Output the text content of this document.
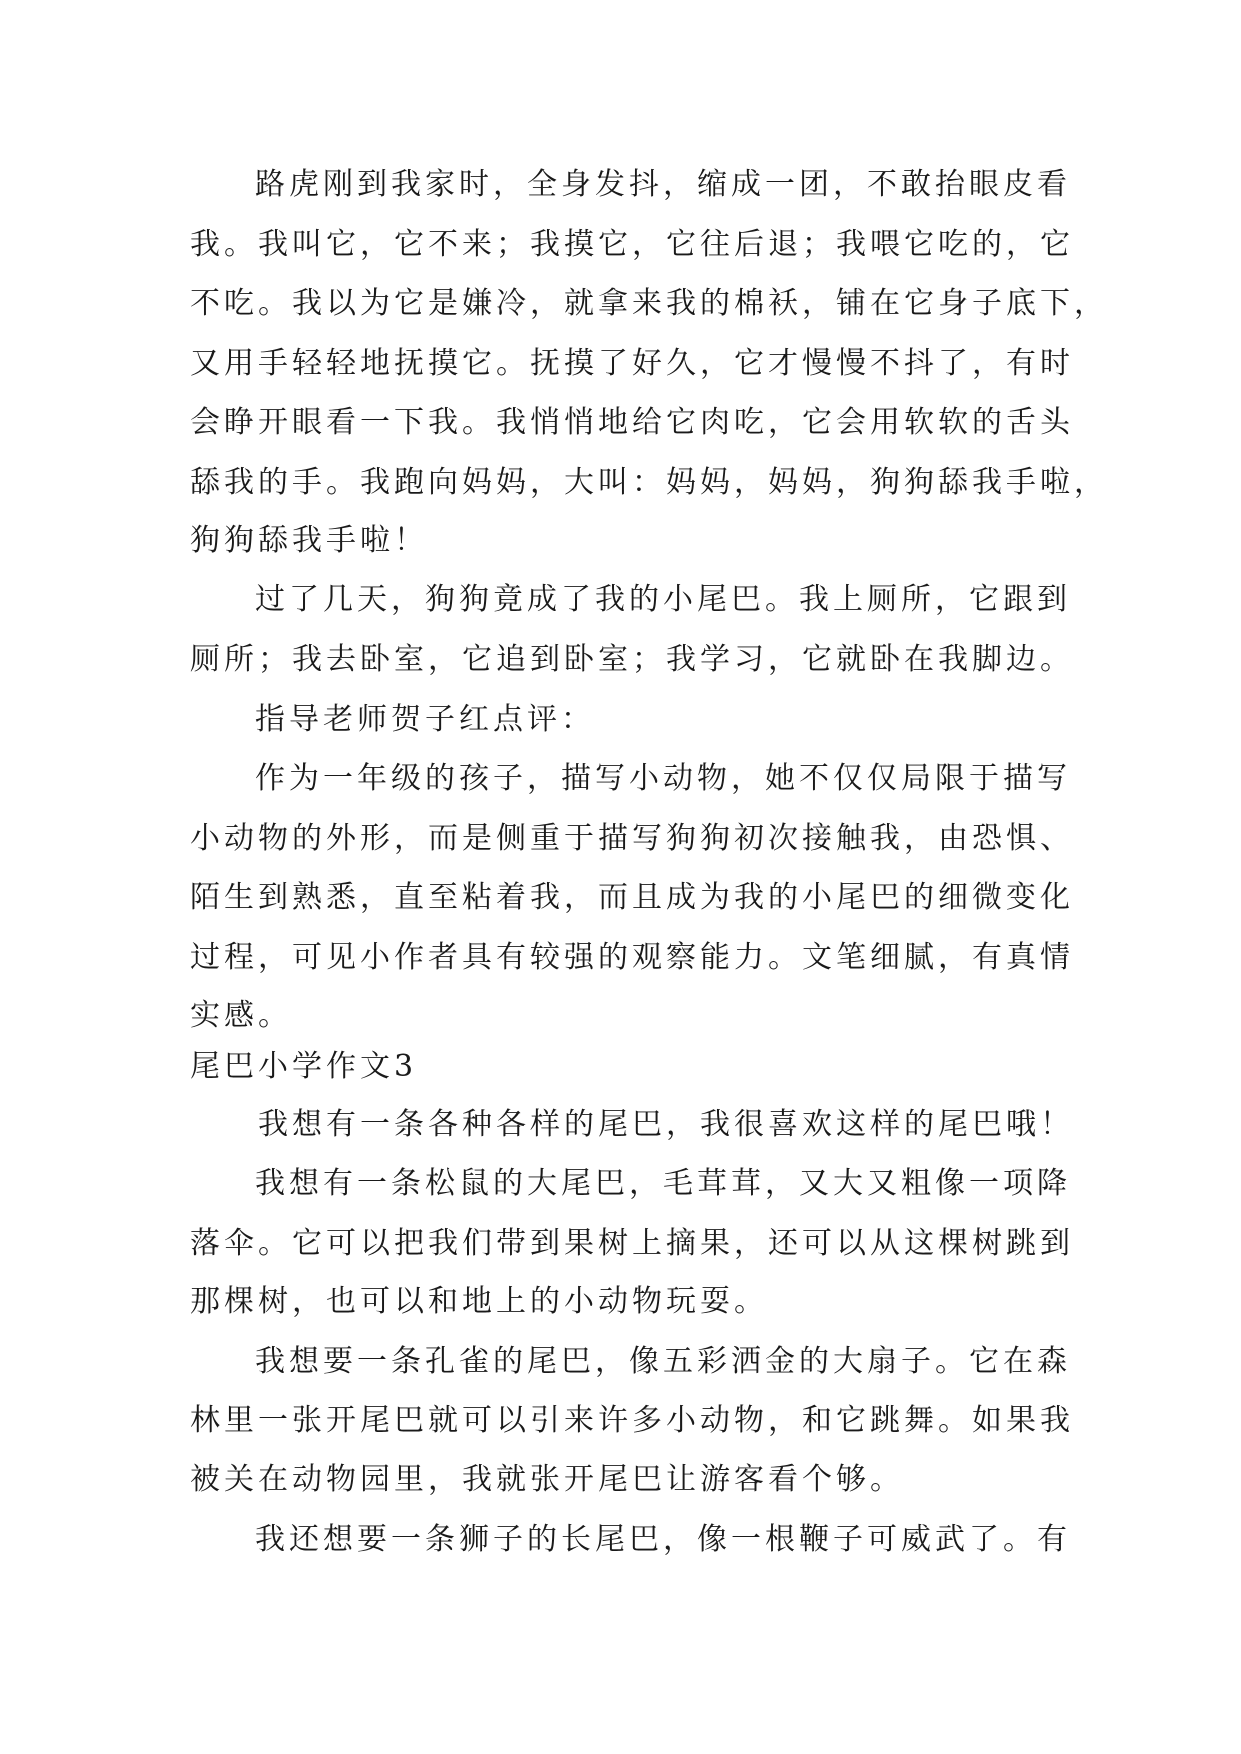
路虎刚到我家时，全身发抖，缩成一团，不敢抬眼皮看

我。我叫它，它不来；我摸它，它往后退；我喂它吃的，它

不吃。我以为它是嫌冷，就拿来我的棉袄，铺在它身子底下，

又用手轻轻地抚摸它。抚摸了好久，它才慢慢不抖了，有时

会睁开眼看一下我。我悄悄地给它肉吃，它会用软软的舌头

舔我的手。我跑向妈妈，大叫：妈妈，妈妈，狗狗舔我手啦，

狗狗舔我手啦！

过了几天，狗狗竟成了我的小尾巴。我上厕所，它跟到

厕所；我去卧室，它追到卧室；我学习，它就卧在我脚边。

指导老师贺子红点评：

作为一年级的孩子，描写小动物，她不仅仅局限于描写

小动物的外形，而是侧重于描写狗狗初次接触我，由恐惧、

陌生到熟悉，直至粘着我，而且成为我的小尾巴的细微变化

过程，可见小作者具有较强的观察能力。文笔细腻，有真情

实感。

尾巴小学作文3

我想有一条各种各样的尾巴，我很喜欢这样的尾巴哦！

我想有一条松鼠的大尾巴，毛茸茸，又大又粗像一项降

落伞。它可以把我们带到果树上摘果，还可以从这棵树跳到

那棵树，也可以和地上的小动物玩耍。

我想要一条孔雀的尾巴，像五彩洒金的大扇子。它在森

林里一张开尾巴就可以引来许多小动物，和它跳舞。如果我

被关在动物园里，我就张开尾巴让游客看个够。

我还想要一条狮子的长尾巴，像一根鞭子可威武了。有
